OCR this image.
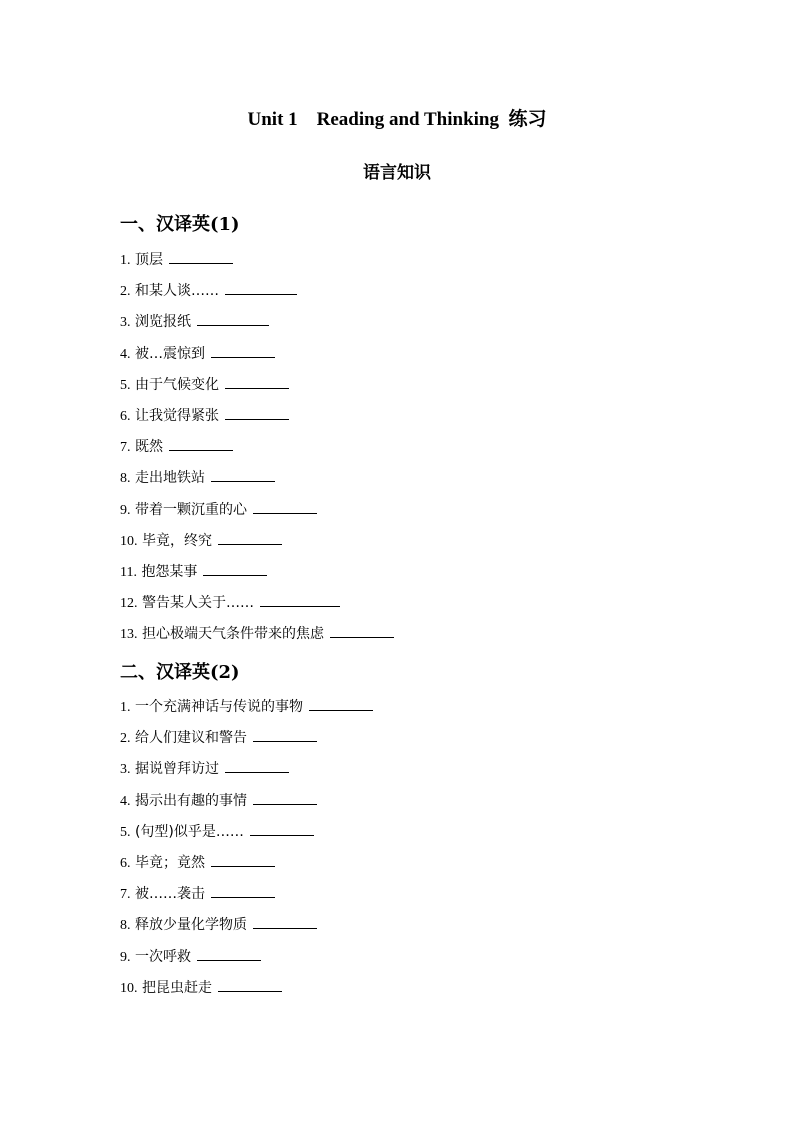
Unit 1    Reading and Thinking  练习
语言知识
一、汉译英(1)
1. 顶层
2. 和某人谈……
3. 浏览报纸
4. 被…震惊到
5. 由于气候变化
6. 让我觉得紧张
7. 既然
8. 走出地铁站
9. 带着一颗沉重的心
10. 毕竟，终究
11. 抱怨某事
12. 警告某人关于……
13. 担心极端天气条件带来的焦虑
二、汉译英(2)
1. 一个充满神话与传说的事物
2. 给人们建议和警告
3. 据说曾拜访过
4. 揭示出有趣的事情
5. (句型)似乎是……
6. 毕竟；竟然
7. 被……袭击
8. 释放少量化学物质
9. 一次呼救
10. 把昆虫赶走
